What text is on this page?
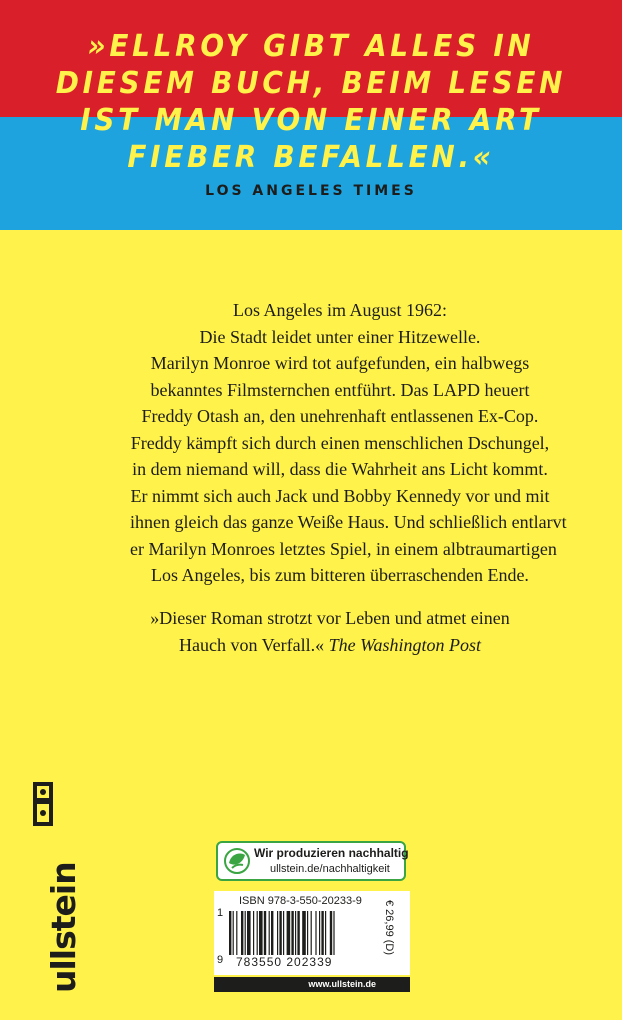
»ELLROY GIBT ALLES IN
DIESEM BUCH, BEIM LESEN
IST MAN VON EINER ART
FIEBER BEFALLEN.«
LOS ANGELES TIMES
Los Angeles im August 1962:
Die Stadt leidet unter einer Hitzewelle.
Marilyn Monroe wird tot aufgefunden, ein halbwegs
bekanntes Filmsternchen entführt. Das LAPD heuert
Freddy Otash an, den unehrenhaft entlassenen Ex-Cop.
Freddy kämpft sich durch einen menschlichen Dschungel,
in dem niemand will, dass die Wahrheit ans Licht kommt.
Er nimmt sich auch Jack und Bobby Kennedy vor und mit
ihnen gleich das ganze Weiße Haus. Und schließlich entlarvt
er Marilyn Monroes letztes Spiel, in einem albtraumartigen
Los Angeles, bis zum bitteren überraschenden Ende.
»Dieser Roman strotzt vor Leben und atmet einen
Hauch von Verfall.« The Washington Post
ullstein
Wir produzieren nachhaltig
ullstein.de/nachhaltigkeit
ISBN 978-3-550-20233-9
1
9 783550 202339
€ 26,99 (D)
www.ullstein.de
